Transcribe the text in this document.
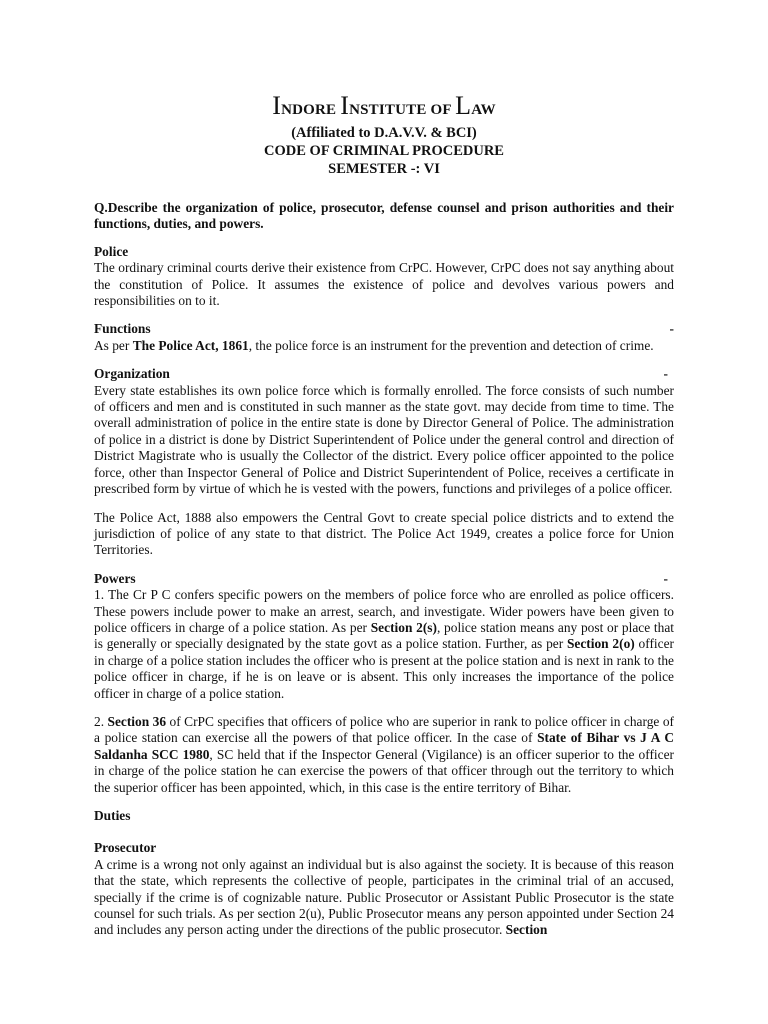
INDORE INSTITUTE OF LAW
(Affiliated to D.A.V.V. & BCI)
CODE OF CRIMINAL PROCEDURE
SEMESTER -: VI

Q.Describe the organization of police, prosecutor, defense counsel and prison authorities and their functions, duties, and powers.

Police

The ordinary criminal courts derive their existence from CrPC. However, CrPC does not say anything about the constitution of Police. It assumes the existence of police and devolves various powers and responsibilities on to it.

Functions	-

As per The Police Act, 1861, the police force is an instrument for the prevention and detection of crime.

Organization	-

Every state establishes its own police force which is formally enrolled. The force consists of such number of officers and men and is constituted in such manner as the state govt. may decide from time to time. The overall administration of police in the entire state is done by Director General of Police. The administration of police in a district is done by District Superintendent of Police under the general control and direction of District Magistrate who is usually the Collector of the district. Every police officer appointed to the police force, other than Inspector General of Police and District Superintendent of Police, receives a certificate in prescribed form by virtue of which he is vested with the powers, functions and privileges of a police officer.

The Police Act, 1888 also empowers the Central Govt to create special police districts and to extend the jurisdiction of police of any state to that district. The Police Act 1949, creates a police force for Union Territories.

Powers	-

1. The Cr P C confers specific powers on the members of police force who are enrolled as police officers. These powers include power to make an arrest, search, and investigate. Wider powers have been given to police officers in charge of a police station. As per Section 2(s), police station means any post or place that is generally or specially designated by the state govt as a police station. Further, as per Section 2(o) officer in charge of a police station includes the officer who is present at the police station and is next in rank to the police officer in charge, if he is on leave or is absent. This only increases the importance of the police officer in charge of a police station.

2. Section 36 of CrPC specifies that officers of police who are superior in rank to police officer in charge of a police station can exercise all the powers of that police officer. In the case of State of Bihar vs J A C Saldanha SCC 1980, SC held that if the Inspector General (Vigilance) is an officer superior to the officer in charge of the police station he can exercise the powers of that officer through out the territory to which the superior officer has been appointed, which, in this case is the entire territory of Bihar.

Duties
Prosecutor

A crime is a wrong not only against an individual but is also against the society. It is because of this reason that the state, which represents the collective of people, participates in the criminal trial of an accused, specially if the crime is of cognizable nature. Public Prosecutor or Assistant Public Prosecutor is the state counsel for such trials. As per section 2(u), Public Prosecutor means any person appointed under Section 24 and includes any person acting under the directions of the public prosecutor. Section
